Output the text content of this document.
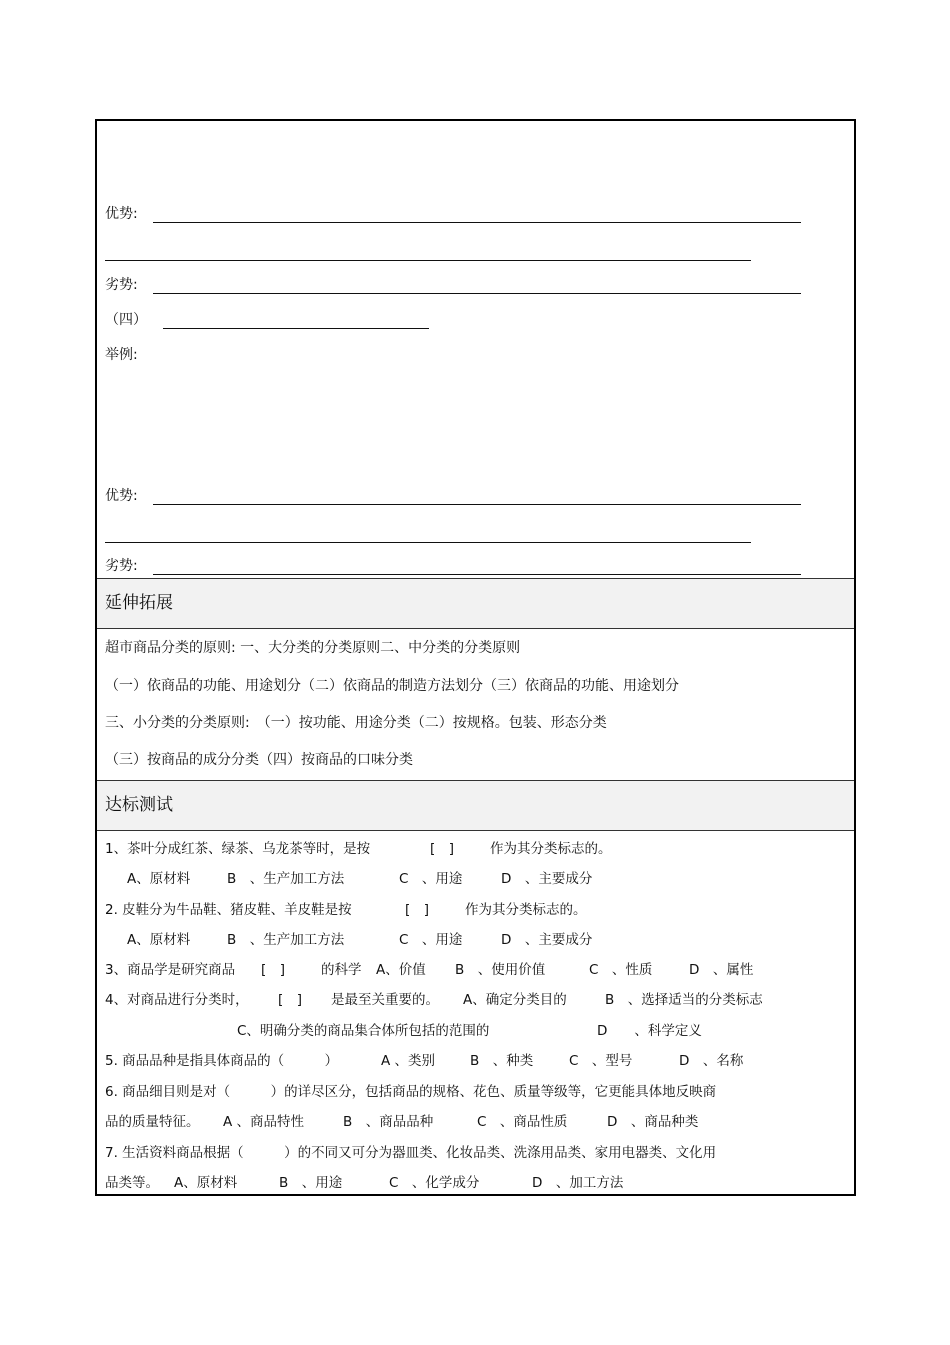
优势:
劣势:
（四）
举例:
优势:
劣势:
延伸拓展
超市商品分类的原则: 一、大分类的分类原则二、中分类的分类原则
（一）依商品的功能、用途划分（二）依商品的制造方法划分（三）依商品的功能、用途划分
三、小分类的分类原则:　（一）按功能、用途分类（二）按规格。包装、形态分类
（三）按商品的成分分类（四）按商品的口味分类
达标测试
1、茶叶分成红茶、绿茶、乌龙茶等时，是按	[　]	作为其分类标志的。
A、原材料	B　、生产加工方法	C　、用途	D　、主要成分
2. 皮鞋分为牛品鞋、猪皮鞋、羊皮鞋是按	[　]	作为其分类标志的。
A、原材料	B　、生产加工方法	C　、用途	D　、主要成分
3、商品学是研究商品 [　]	的科学 A、价值 B　、使用价值	C　、性质	D　、属性
4、对商品进行分类时， [　] 是最至关重要的。 A、确定分类目的	B　、选择适当的分类标志
C、明确分类的商品集合体所包括的范围的	D　　、科学定义
5. 商品品种是指具体商品的（　　　）	A 、类别	B　、种类	C　、型号	D　、名称
6. 商品细目则是对（　　　）的详尽区分，包括商品的规格、花色、质量等级等，它更能具体地反映商
品的质量特征。 A 、商品特性	B　、商品品种	C　、商品性质	D　、商品种类
7. 生活资料商品根据（　　　）的不同又可分为器皿类、化妆品类、洗涤用品类、家用电器类、文化用
品类等。 A、原材料	B　、用途	C　、化学成分	D　、加工方法
